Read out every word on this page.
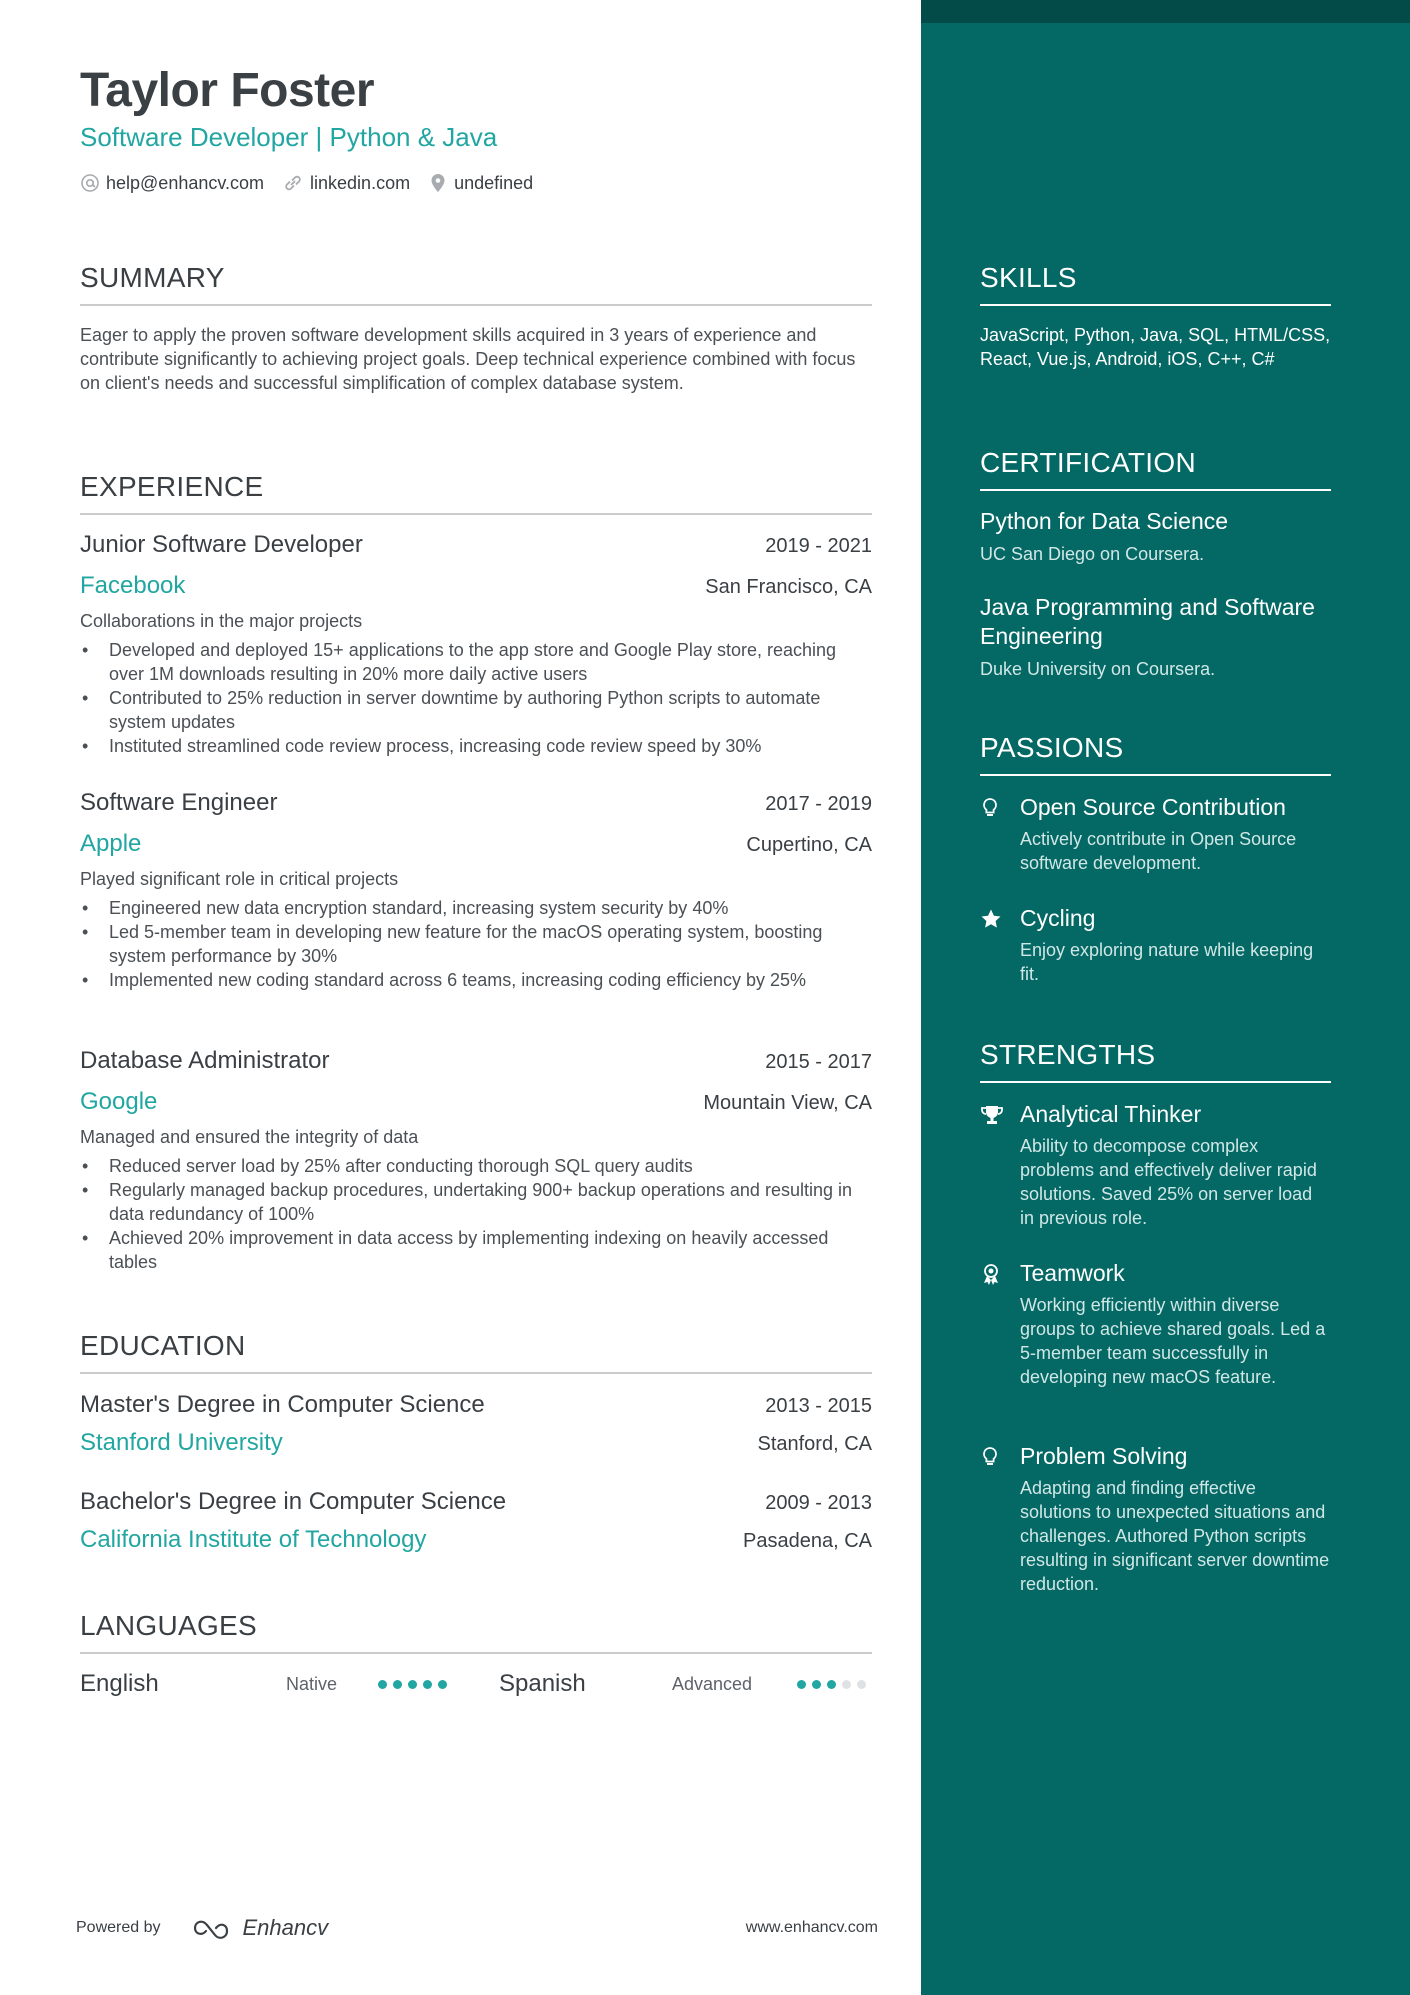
Taylor Foster
Software Developer | Python & Java
help@enhancv.com	linkedin.com undefined
SUMMARY
Eager to apply the proven software development skills acquired in 3 years of experience and contribute significantly to achieving project goals. Deep technical experience combined with focus on client's needs and successful simplification of complex database system.
EXPERIENCE
Junior Software Developer	2019 - 2021
Facebook	San Francisco, CA
Collaborations in the major projects
• Developed and deployed 15+ applications to the app store and Google Play store, reaching over 1M downloads resulting in 20% more daily active users
• Contributed to 25% reduction in server downtime by authoring Python scripts to automate system updates
• Instituted streamlined code review process, increasing code review speed by 30%
Software Engineer	2017 - 2019
Apple	Cupertino, CA
Played significant role in critical projects
• Engineered new data encryption standard, increasing system security by 40%
• Led 5-member team in developing new feature for the macOS operating system, boosting system performance by 30%
• Implemented new coding standard across 6 teams, increasing coding efficiency by 25%
Database Administrator	2015 - 2017
Google	Mountain View, CA
Managed and ensured the integrity of data
• Reduced server load by 25% after conducting thorough SQL query audits
• Regularly managed backup procedures, undertaking 900+ backup operations and resulting in data redundancy of 100%
• Achieved 20% improvement in data access by implementing indexing on heavily accessed tables
EDUCATION
Master's Degree in Computer Science	2013 - 2015
Stanford University	Stanford, CA
Bachelor's Degree in Computer Science	2009 - 2013
California Institute of Technology	Pasadena, CA
LANGUAGES
English	Native	Spanish	Advanced
Powered by	Enhancv	www.enhancv.com
SKILLS
JavaScript, Python, Java, SQL, HTML/CSS, React, Vue.js, Android, iOS, C++, C#
CERTIFICATION
Python for Data Science
UC San Diego on Coursera.
Java Programming and Software Engineering
Duke University on Coursera.
PASSIONS
Open Source Contribution
Actively contribute in Open Source software development.
Cycling
Enjoy exploring nature while keeping fit.
STRENGTHS
Analytical Thinker
Ability to decompose complex problems and effectively deliver rapid solutions. Saved 25% on server load in previous role.
Teamwork
Working efficiently within diverse groups to achieve shared goals. Led a 5-member team successfully in developing new macOS feature.
Problem Solving
Adapting and finding effective solutions to unexpected situations and challenges. Authored Python scripts resulting in significant server downtime reduction.
